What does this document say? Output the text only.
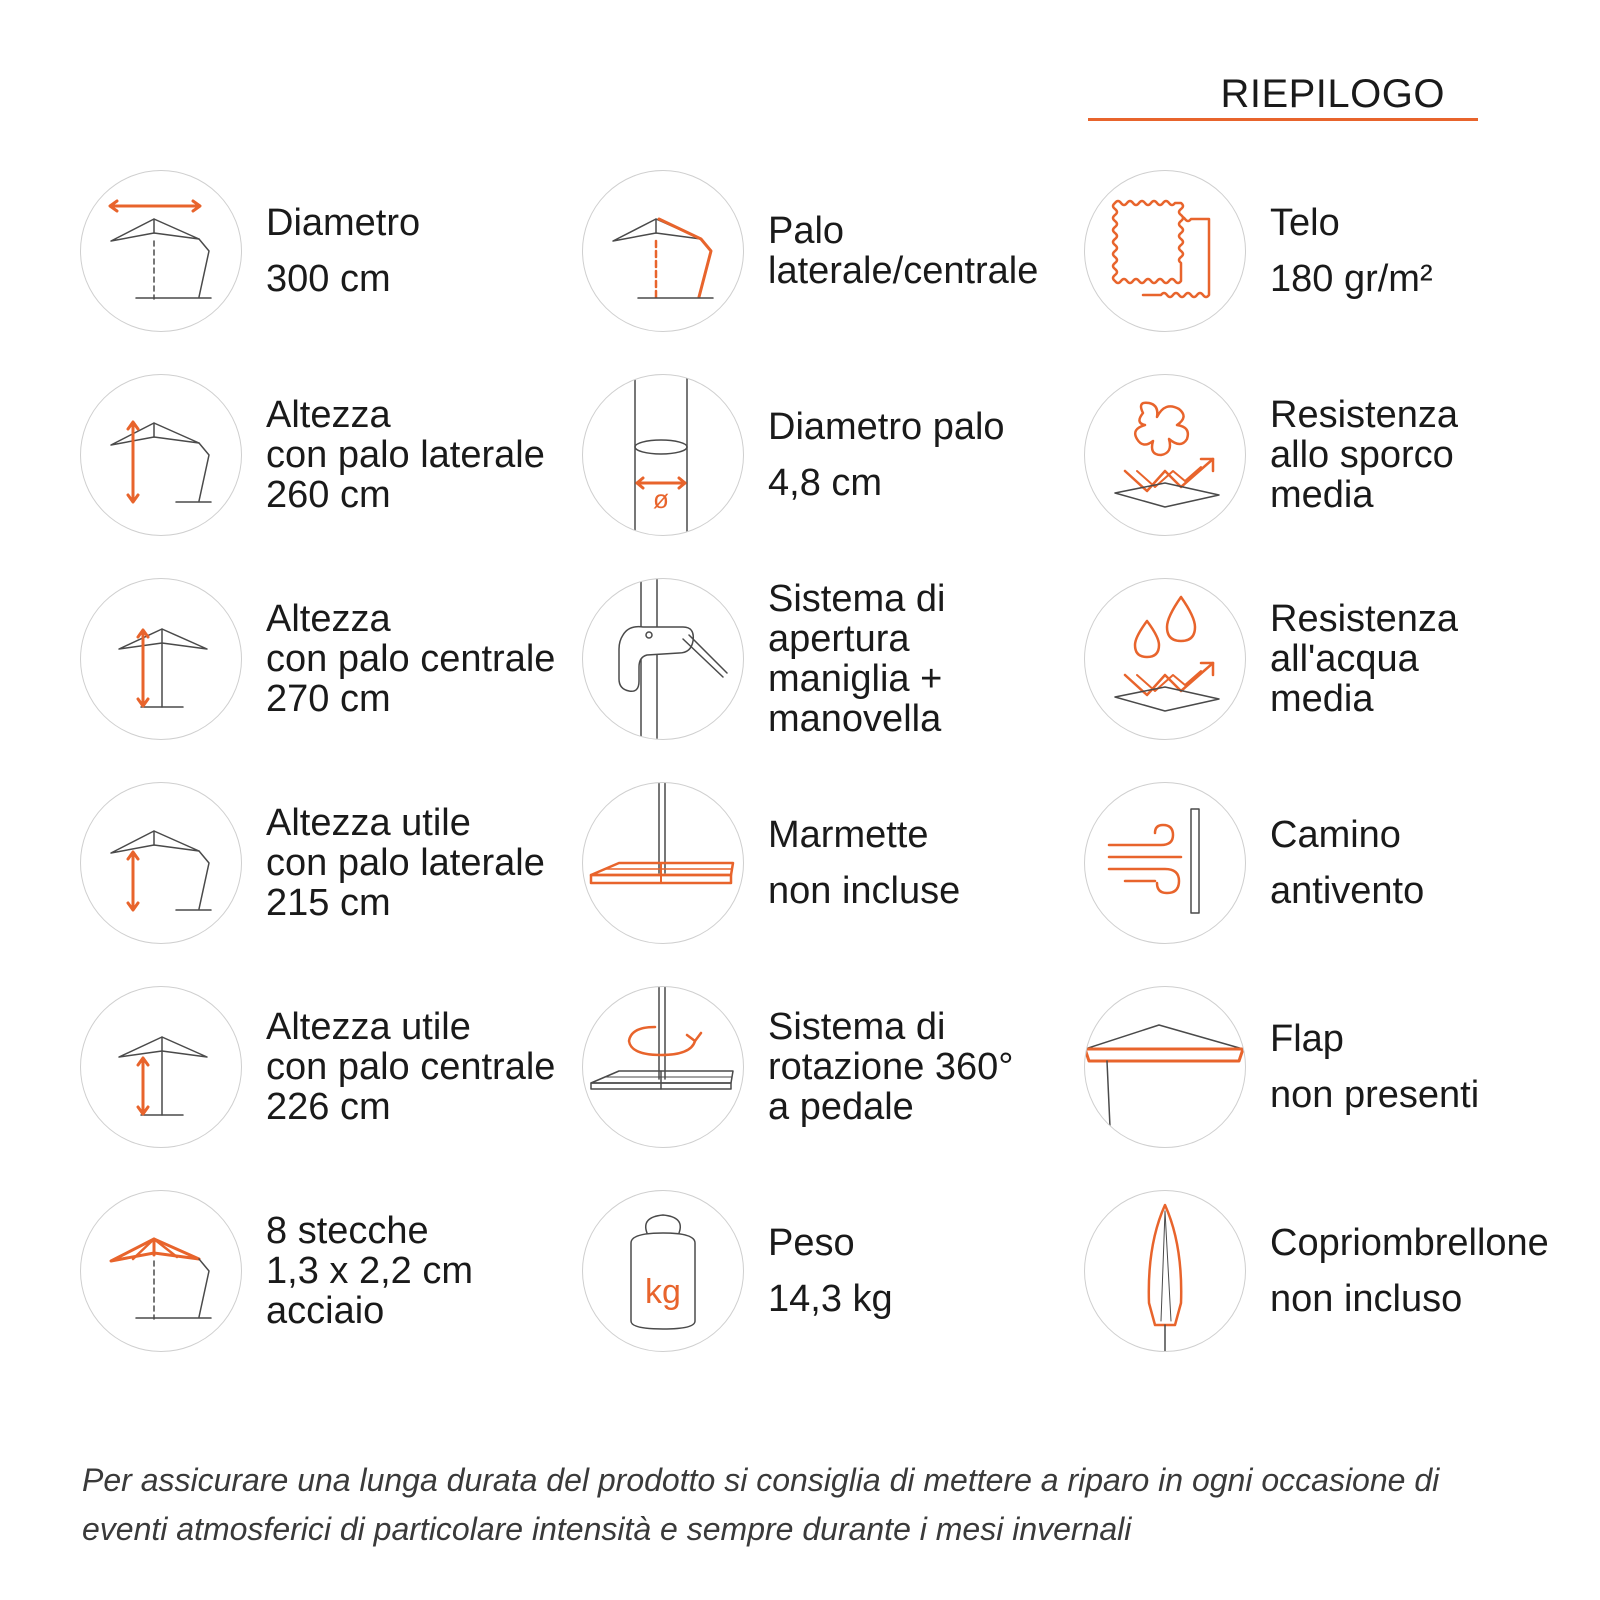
RIEPILOGO
Diametro
300 cm
Palo
laterale/centrale
Telo
180 gr/m²
Altezza
con palo laterale
260 cm	ø
Diametro palo
4,8 cm
Resistenza
allo sporco
media
Altezza
con palo centrale
270 cm
Sistema di
apertura
maniglia +
manovella
Resistenza
all'acqua
media
Altezza utile
con palo laterale
215 cm
Marmette
non incluse
Camino
antivento
Altezza utile
con palo centrale
226 cm
Sistema di
rotazione 360°
a pedale
Flap
non presenti
8 stecche
1,3 x 2,2 cm
acciaio	kg
Peso
14,3 kg
Copriombrellone
non incluso
Per assicurare una lunga durata del prodotto si consiglia di mettere a riparo in ogni occasione di
eventi atmosferici di particolare intensità e sempre durante i mesi invernali
